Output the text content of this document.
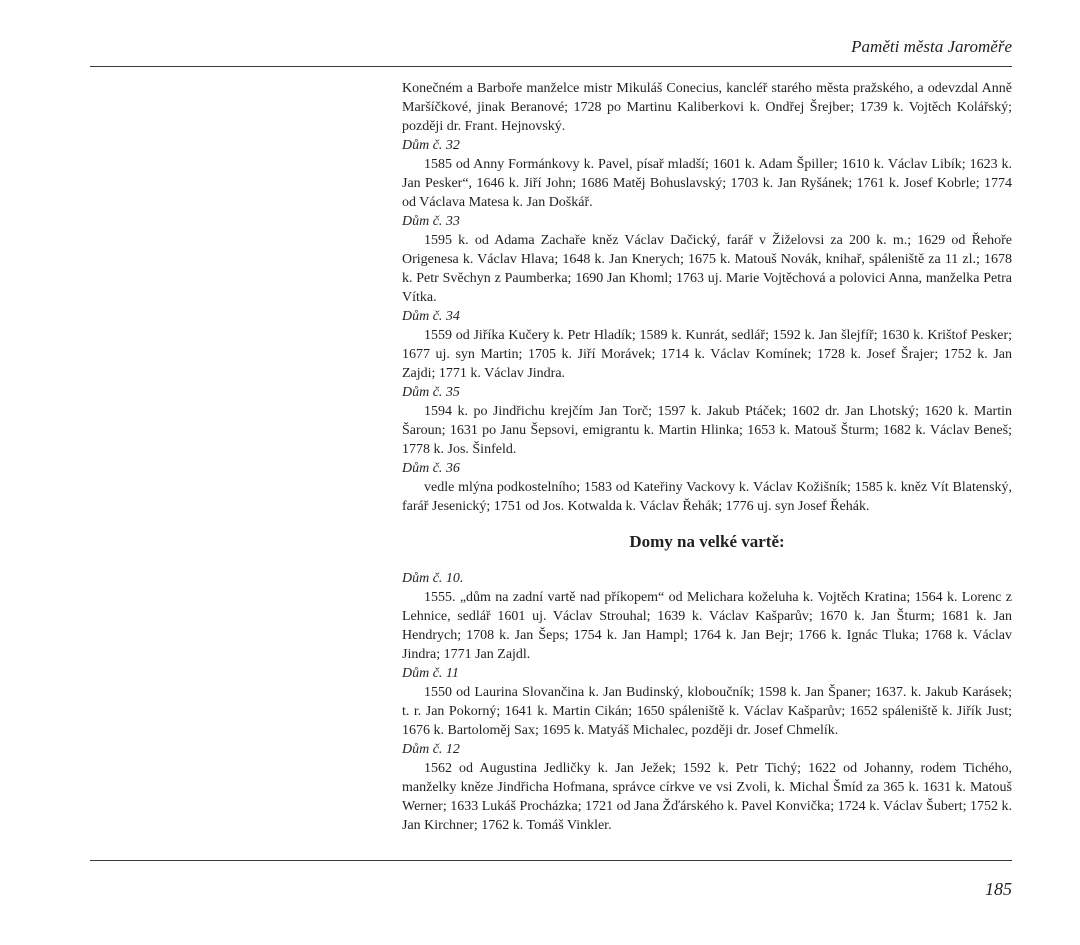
Paměti města Jaroměře

Konečném a Barboře manželce mistr Mikuláš Conecius, kancléř starého města pražského, a odevzdal Anně Maršíčkové, jinak Beranové; 1728 po Martinu Kaliberkovi k. Ondřej Šrejber; 1739 k. Vojtěch Kolářský; později dr. Frant. Hejnovský.

Dům č. 32

1585 od Anny Formánkovy k. Pavel, písař mladší; 1601 k. Adam Špiller; 1610 k. Václav Libík; 1623 k. Jan Pesker“, 1646 k. Jiří John; 1686 Matěj Bohuslavský; 1703 k. Jan Ryšánek; 1761 k. Josef Kobrle; 1774 od Václava Matesa k. Jan Doškář.

Dům č. 33

1595 k. od Adama Zachaře kněz Václav Dačický, farář v Žiželovsi za 200 k. m.; 1629 od Řehoře Origenesa k. Václav Hlava; 1648 k. Jan Knerych; 1675 k. Matouš Novák, knihař, spáleniště za 11 zl.; 1678 k. Petr Svěchyn z Paumberka; 1690 Jan Khoml; 1763 uj. Marie Vojtěchová a polovici Anna, manželka Petra Vítka.

Dům č. 34

1559 od Jiříka Kučery k. Petr Hladík; 1589 k. Kunrát, sedlář; 1592 k. Jan šlejfíř; 1630 k. Krištof Pesker; 1677 uj. syn Martin; 1705 k. Jiří Morávek; 1714 k. Václav Komínek; 1728 k. Josef Šrajer; 1752 k. Jan Zajdi; 1771 k. Václav Jindra.

Dům č. 35

1594 k. po Jindřichu krejčím Jan Torč; 1597 k. Jakub Ptáček; 1602 dr. Jan Lhotský; 1620 k. Martin Šaroun; 1631 po Janu Šepsovi, emigrantu k. Martin Hlinka; 1653 k. Matouš Šturm; 1682 k. Václav Beneš; 1778 k. Jos. Šinfeld.

Dům č. 36

vedle mlýna podkostelního; 1583 od Kateřiny Vackovy k. Václav Kožišník; 1585 k. kněz Vít Blatenský, farář Jesenický; 1751 od Jos. Kotwalda k. Václav Řehák; 1776 uj. syn Josef Řehák.

Domy na velké vartě:
Dům č. 10.

1555. „dům na zadní vartě nad příkopem“ od Melichara koželuha k. Vojtěch Kratina; 1564 k. Lorenc z Lehnice, sedlář 1601 uj. Václav Strouhal; 1639 k. Václav Kašparův; 1670 k. Jan Šturm; 1681 k. Jan Hendrych; 1708 k. Jan Šeps; 1754 k. Jan Hampl; 1764 k. Jan Bejr; 1766 k. Ignác Tluka; 1768 k. Václav Jindra; 1771 Jan Zajdl.

Dům č. 11

1550 od Laurina Slovančina k. Jan Budinský, kloboučník; 1598 k. Jan Španer; 1637. k. Jakub Karásek; t. r. Jan Pokorný; 1641 k. Martin Cikán; 1650 spáleniště k. Václav Kašparův; 1652 spáleniště k. Jiřík Just; 1676 k. Bartoloměj Sax; 1695 k. Matyáš Michalec, později dr. Josef Chmelík.

Dům č. 12

1562 od Augustina Jedličky k. Jan Ježek; 1592 k. Petr Tichý; 1622 od Johanny, rodem Tichého, manželky kněze Jindřicha Hofmana, správce církve ve vsi Zvoli, k. Michal Šmíd za 365 k. 1631 k. Matouš Werner; 1633 Lukáš Procházka; 1721 od Jana Žďárského k. Pavel Konvička; 1724 k. Václav Šubert; 1752 k. Jan Kirchner; 1762 k. Tomáš Vinkler.

185
